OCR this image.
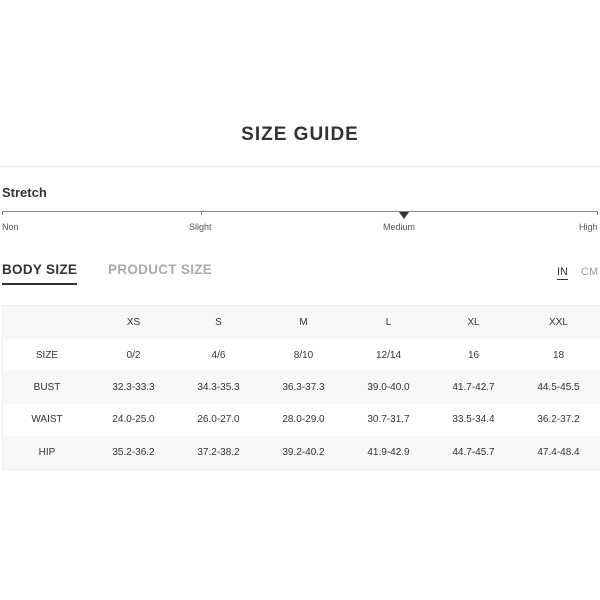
SIZE GUIDE
Stretch
Non	Slight	Medium	High
BODY SIZE PRODUCT SIZE	IN CM
	XS	S	M	L	XL	XXL
SIZE	0/2	4/6	8/10	12/14	16	18
BUST	32.3-33.3	34.3-35.3	36.3-37.3	39.0-40.0	41.7-42.7	44.5-45.5
WAIST	24.0-25.0	26.0-27.0	28.0-29.0	30.7-31.7	33.5-34.4	36.2-37.2
HIP	35.2-36.2	37.2-38.2	39.2-40.2	41.9-42.9	44.7-45.7	47.4-48.4
